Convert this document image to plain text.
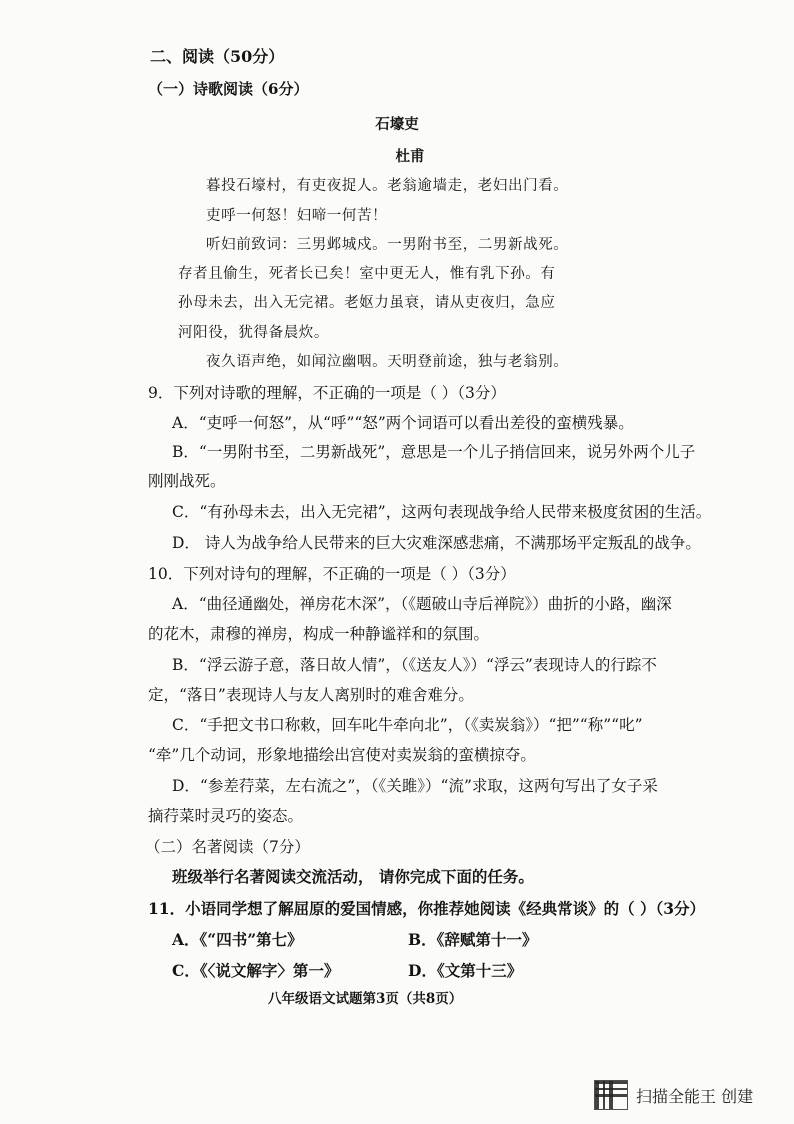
二、阅读（50分）
（一）诗歌阅读（6分）
石壕吏
杜甫
暮投石壕村，有吏夜捉人。老翁逾墙走，老妇出门看。
吏呼一何怒！妇啼一何苦！
听妇前致词：三男邺城戍。一男附书至，二男新战死。
存者且偷生，死者长已矣！室中更无人，惟有乳下孙。有
孙母未去，出入无完裙。老妪力虽衰，请从吏夜归，急应
河阳役，犹得备晨炊。
夜久语声绝，如闻泣幽咽。天明登前途，独与老翁别。
9．下列对诗歌的理解，不正确的一项是（ ）（3分）
A．“吏呼一何怒”，从“呼”“怒”两个词语可以看出差役的蛮横残暴。
B．“一男附书至，二男新战死”，意思是一个儿子捎信回来，说另外两个儿子
刚刚战死。
C．“有孙母未去，出入无完裙”，这两句表现战争给人民带来极度贫困的生活。
D． 诗人为战争给人民带来的巨大灾难深感悲痛，不满那场平定叛乱的战争。
10．下列对诗句的理解，不正确的一项是（ ）（3分）
A．“曲径通幽处，禅房花木深”，（《题破山寺后禅院》）曲折的小路，幽深
的花木，肃穆的禅房，构成一种静谧祥和的氛围。
B．“浮云游子意，落日故人情”，（《送友人》）“浮云”表现诗人的行踪不
定，“落日”表现诗人与友人离别时的难舍难分。
C．“手把文书口称敕，回车叱牛牵向北”，（《卖炭翁》）“把”“称”“叱”
“牵”几个动词，形象地描绘出宫使对卖炭翁的蛮横掠夺。
D．“参差荇菜，左右流之”，（《关雎》）“流”求取，这两句写出了女子采
摘荇菜时灵巧的姿态。
（二）名著阅读（7分）
班级举行名著阅读交流活动， 请你完成下面的任务。
11．小语同学想了解屈原的爱国情感，你推荐她阅读《经典常谈》的（ ）（3分）
A．《“四书”第七》	B．《辞赋第十一》
C．《〈说文解字〉第一》	D．《文第十三》
八年级语文试题第3页（共8页）
扫描全能王 创建
